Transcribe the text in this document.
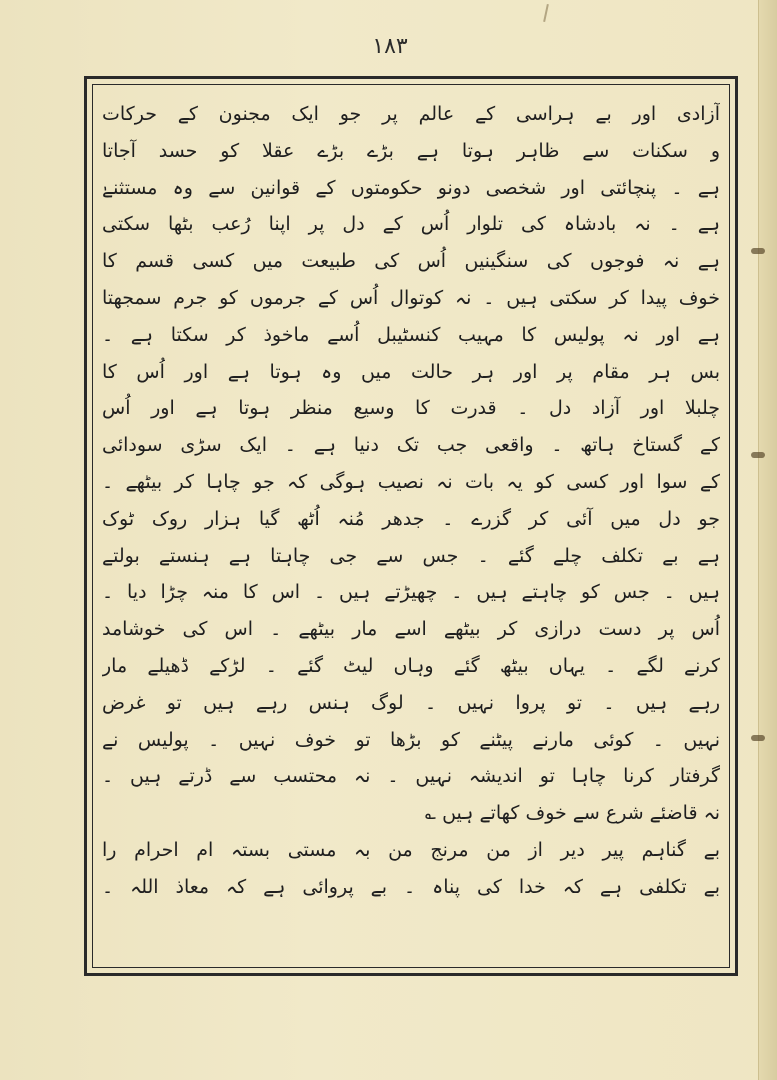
۱۸۳
آزادی اور بے ہراسی کے عالم پر جو ایک مجنون کے حرکات
و سکنات سے ظاہر ہوتا ہے بڑے بڑے عقلا کو حسد آجاتا
ہے ۔ پنچائتی اور شخصی دونو حکومتوں کے قوانین سے وہ مستثنےٰ
ہے ۔ نہ بادشاہ کی تلوار اُس کے دل پر اپنا رُعب بٹھا سکتی
ہے نہ فوجوں کی سنگینیں اُس کی طبیعت میں کسی قسم کا
خوف پیدا کر سکتی ہیں ۔ نہ کوتوال اُس کے جرموں کو جرم سمجھتا
ہے اور نہ پولیس کا مہیب کنسٹیبل اُسے ماخوذ کر سکتا ہے ۔
بس ہر مقام پر اور ہر حالت میں وہ ہوتا ہے اور اُس کا
چلبلا اور آزاد دل ۔ قدرت کا وسیع منظر ہوتا ہے اور اُس
کے گستاخ ہاتھ ۔ واقعی جب تک دنیا ہے ۔ ایک سڑی سودائی
کے سوا اور کسی کو یہ بات نہ نصیب ہوگی کہ جو چاہا کر بیٹھے ۔
جو دل میں آئی کر گزرے ۔ جدھر مُنہ اُٹھ گیا ہزار روک ٹوک
ہے بے تکلف چلے گئے ۔ جس سے جی چاہتا ہے ہنستے بولتے
ہیں ۔ جس کو چاہتے ہیں ۔ چھیڑتے ہیں ۔ اس کا منہ چڑا دیا ۔
اُس پر دست درازی کر بیٹھے اسے مار بیٹھے ۔ اس کی خوشامد
کرنے لگے ۔ یہاں بیٹھ گئے وہاں لیٹ گئے ۔ لڑکے ڈھیلے مار
رہے ہیں ۔ تو پروا نہیں ۔ لوگ ہنس رہے ہیں تو غرض
نہیں ۔ کوئی مارنے پیٹنے کو بڑھا تو خوف نہیں ۔ پولیس نے
گرفتار کرنا چاہا تو اندیشہ نہیں ۔ نہ محتسب سے ڈرتے ہیں ۔
نہ قاضئے شرع سے خوف کھاتے ہیں ؎
بے گناہم پیر دیر از من مرنج من بہ مستی بستہ ام احرام را
بے تکلفی ہے کہ خدا کی پناہ ۔ بے پروائی ہے کہ معاذ اللہ ۔
